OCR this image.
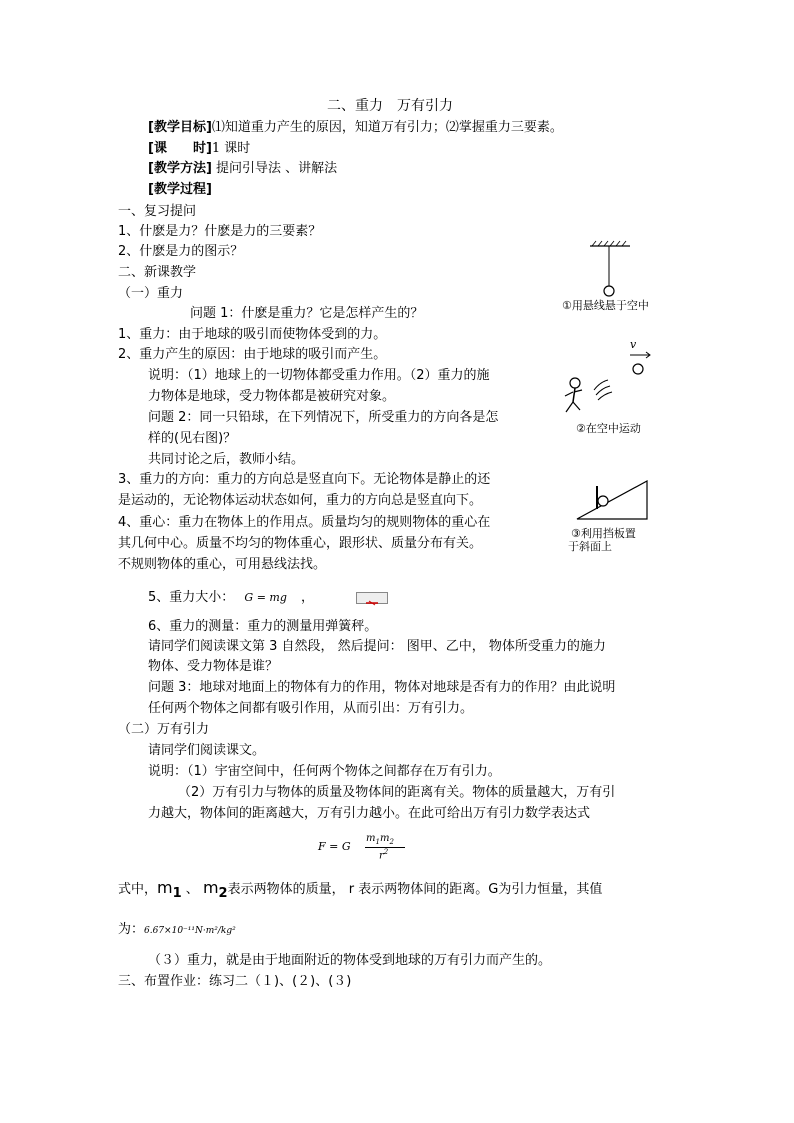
二、重力　万有引力
[教学目标]⑴知道重力产生的原因，知道万有引力；⑵掌握重力三要素。
[课　　时]1 课时
[教学方法] 提问引导法 、讲解法
[教学过程]
一、复习提问
1、什麽是力？什麽是力的三要素？
2、什麽是力的图示？
二、新课教学
（一）重力
问题 1：什麽是重力？它是怎样产生的？
1、重力：由于地球的吸引而使物体受到的力。
2、重力产生的原因：由于地球的吸引而产生。
说明：（1）地球上的一切物体都受重力作用。（2）重力的施
力物体是地球，受力物体都是被研究对象。
问题 2：同一只铅球，在下列情况下，所受重力的方向各是怎
样的(见右图)？
共同讨论之后，教师小结。
3、重力的方向：重力的方向总是竖直向下。无论物体是静止的还
是运动的，无论物体运动状态如何，重力的方向总是竖直向下。
4、重心：重力在物体上的作用点。质量均匀的规则物体的重心在
其几何中心。质量不均匀的物体重心，跟形状、质量分布有关。
不规则物体的重心，可用悬线法找。
5、重力大小： G = mg ，
6、重力的测量：重力的测量用弹簧秤。
请同学们阅读课文第 3 自然段， 然后提问： 图甲、乙中， 物体所受重力的施力
物体、受力物体是谁？
问题 3：地球对地面上的物体有力的作用，物体对地球是否有力的作用？由此说明
任何两个物体之间都有吸引作用，从而引出：万有引力。
（二）万有引力
请同学们阅读课文。
说明：（1）宇宙空间中，任何两个物体之间都存在万有引力。
（2）万有引力与物体的质量及物体间的距离有关。物体的质量越大，万有引
力越大，物体间的距离越大，万有引力越小。在此可给出万有引力数学表达式
F = G
$m_1m_2$
$r^2$
式中，$m_1$ 、 $m_2$表示两物体的质量， r 表示两物体间的距离。G为引力恒量，其值
为：6.67×10⁻¹¹N·m²/kg²
（３）重力，就是由于地面附近的物体受到地球的万有引力而产生的。
三、布置作业：练习二（１)、(２)、(３)
①用悬线悬于空中
v
②在空中运动
③利用挡板置
于斜面上
